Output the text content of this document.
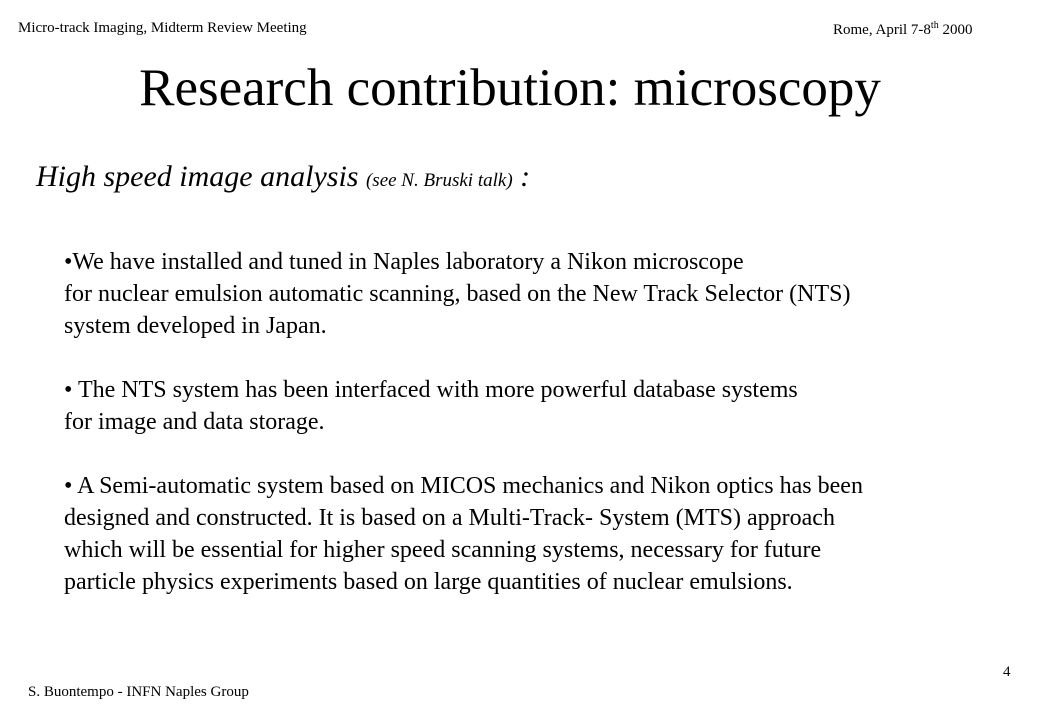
Micro-track Imaging, Midterm Review Meeting	Rome, April 7-8th 2000
Research contribution: microscopy
High speed image analysis (see N. Bruski talk) :
•We have installed and tuned in Naples laboratory a Nikon microscope
for nuclear emulsion automatic scanning, based on the New Track Selector (NTS)
system developed in Japan.
• The NTS system has been interfaced with more powerful database systems
for image and data storage.
• A Semi-automatic system based on MICOS mechanics and Nikon optics has been
designed and constructed. It is based on a Multi-Track- System (MTS) approach
which will be essential for higher speed scanning systems, necessary for future
particle physics experiments based on large quantities of nuclear emulsions.
S. Buontempo - INFN Naples Group
4
